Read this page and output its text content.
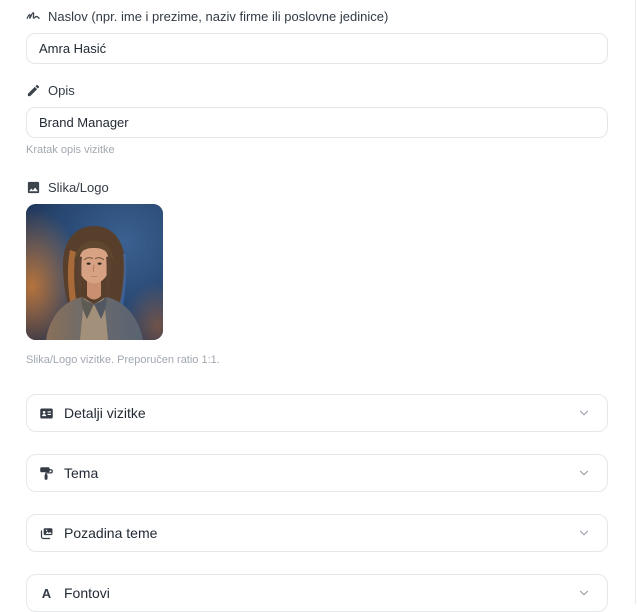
Naslov (npr. ime i prezime, naziv firme ili poslovne jedinice)
Amra Hasić
Opis
Brand Manager
Kratak opis vizitke
Slika/Logo
Slika/Logo vizitke. Preporučen ratio 1:1.
Detalji vizitke
Tema
Pozadina teme
A Fontovi
